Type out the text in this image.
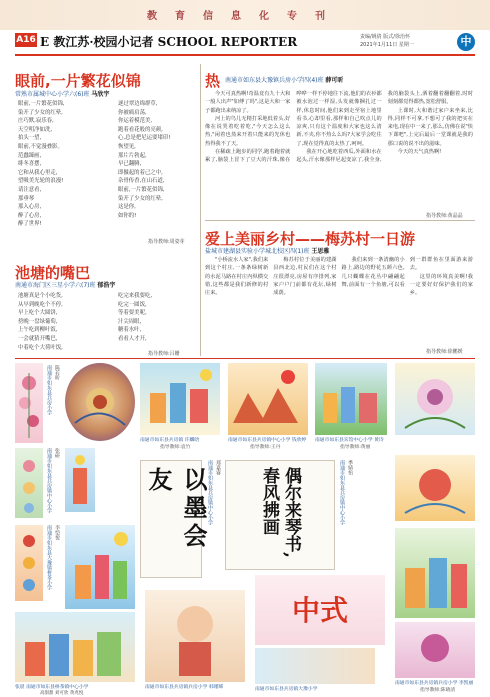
教育信息化专刊
A16 E 教江苏·校园小记者 SCHOOL REPORTER	责编/姚倩 版式/徐治怀
2021年1月11日 星期一	中
眼前,一片繁花似锦
常熟市属城中心小学六(6)班 马欣宇
眼前,一片繁花似锦,
染开了少女的红晕,
庄巧默,寂乐春,
天空明净如洗,
拍头一望,
眼前,不觉漫叠影。
范蠢臻画,
绯冬喜摆,
它和从我心里走,
望吸美光轮的浪漫!
请注意看,
那垂琴
那入心房,
醉了心房,
醉了世界!
逐过翠边绵群草,
你被痛肩荡,
你运着模范美,
跑着看花般的亮颜,
心,总是把尼运要堵印!
恢望见,
那片片勃起,
早已翻腾,
即摄起的着己之中,
杂骨传香,在山石道,
眼前,一片繁花似锦,
染开了少女的红晕,
这是你,
如你的!
指导教师:周姿芽
池塘的嘴巴
南通市海门区三星小学六(7)班 郁浩宇
池塘真是个小吃货,
从早到晚吃个不停,
早上吃个大圆饼,
傍晚一盘绿葡萄,
上午吃到柳叶饭,
一会就猜开嘴巴,
中着吃个大荷叶饭,
吃完来我要吃,
吃完一圆饭,
等着要美呢,
汁尖周眼,
糖着水叶,
看看人才开,
指导教师:吕姗
热 南通市如东县大豫镇兵房小学四(4)班 薛可昕

今天可真热啊!奇温竟有九十大和一般人出声"如傅了吗",这是大和一家子都跑出来纳凉了。

河上的鸟儿无精打采地低着头,好像在说哭着吃着吃,"今天怎么这么热,"闲着也蒸来开着只能来的光休也热得我不了天。

在稀疏上跑步的同学,跑着跑着就累了,脑袋上冒下了豆大的汗珠,像在哗哗一样不停地往下流,他们的衣衫都被水泡过一样湿,头发就像捆扎过一样,休息时间,他们来到走至宿上地里看书,心却里看,那样和自己吹点儿的凉爽,只有这个温度和大家也这么清新,不夹,你不热么么吗?大家学会吃住了,现在觉得真的太热了,呵呵。

我在开心地吃着西瓜,外面和水在起头,汗水像那样尼起变凉了,我全身,我的脑袋头上,洒着翻着翻翻着,时时刻刻都觉得都热,宽松舒服。

上课时,大和谐过家户来坐来,比得,同样不可拿,不想可了我的把实在来电,现在中一来了,那么,仿佛在说"快下课吧",上完后最后一堂课就是我的那口说的说不出的滋味。

今天的天气真热啊!

指导教师:黄晶晶
爱上美丽乡村——梅苏村一日游
盐城市建湖县实验小学城北校区四(1)班 王思雅

"小桥流水人家",我们来到这个村庄,一条条绿树新的水泥马路在村庄内纵横交错,这些都是我们新修的村庄来。

梅苏村位于美丽的建湖县西北边,村民们在这个村庄很漂亮,房屋有序排列,家家户户门前都有花坛,绿树成荫。

我们来到一条清幽的小路上,路边的野花五颜六色,几只蝴蝶在花丛中翩翩起舞,前面有一个鱼塘,可以看到一群群鱼在里面游来游去。

这里的环境真美啊!我一定要好好保护我们的家乡。

指导教师:徐鹏媛
南通市如东县兵房小学 陈若昕
南通市如东县兵房镇 许麟晗
指导教师:袁竹
南通市如东县兵房镇中心小学 钱欣婷
指导教师:王丹
南通市如东县宾馆中心小学 黄诗
指导教师:黄丽
南通市如东县兵房镇中心小学 张研
以墨会友	南通市如东县兵房镇中心小学 郑嘉睿	偶尔来琴书,春风拂画	南通市如东县兵房镇中心小学 季婧怡
南通市如东县大豫镇栟茶小学 李恺悦
中式
张晨 南通市如东县栟茶镇中心小学
高甜甜 刘可欣 黄兆悦
南通市如东县兵房镇兵房小学 韩瑾晞	南通市如东县兵房镇大豫小学
南通市如东县兵房镇兵房小学 李凯丽
指导教师:陈晓清
